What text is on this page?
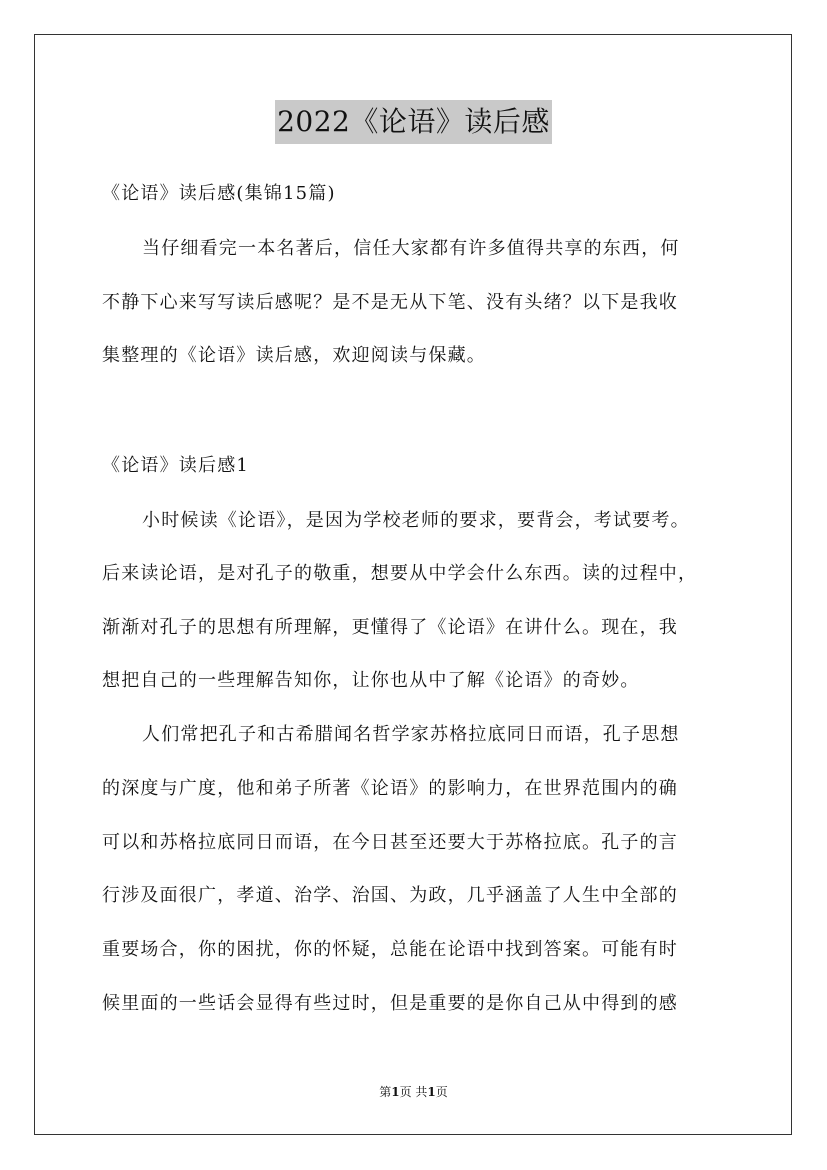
2022《论语》读后感
《论语》读后感(集锦15篇)
当仔细看完一本名著后，信任大家都有许多值得共享的东西，何
不静下心来写写读后感呢？是不是无从下笔、没有头绪？以下是我收
集整理的《论语》读后感，欢迎阅读与保藏。
《论语》读后感1
小时候读《论语》，是因为学校老师的要求，要背会，考试要考。
后来读论语，是对孔子的敬重，想要从中学会什么东西。读的过程中，
渐渐对孔子的思想有所理解，更懂得了《论语》在讲什么。现在，我
想把自己的一些理解告知你，让你也从中了解《论语》的奇妙。
人们常把孔子和古希腊闻名哲学家苏格拉底同日而语，孔子思想
的深度与广度，他和弟子所著《论语》的影响力，在世界范围内的确
可以和苏格拉底同日而语，在今日甚至还要大于苏格拉底。孔子的言
行涉及面很广，孝道、治学、治国、为政，几乎涵盖了人生中全部的
重要场合，你的困扰，你的怀疑，总能在论语中找到答案。可能有时
候里面的一些话会显得有些过时，但是重要的是你自己从中得到的感
第1页 共1页
